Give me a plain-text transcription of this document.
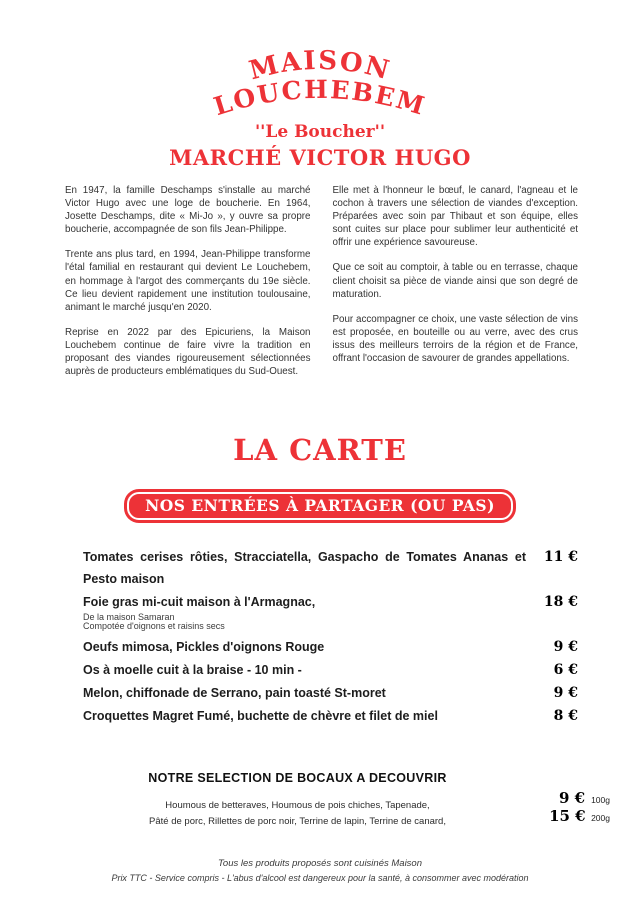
MAISON
LOUCHEBEM
''Le Boucher''
MARCHÉ VICTOR HUGO

En 1947, la famille Deschamps s'installe au marché Victor Hugo avec une loge de boucherie. En 1964, Josette Deschamps, dite « Mi-Jo », y ouvre sa propre boucherie, accompagnée de son fils Jean-Philippe.

Trente ans plus tard, en 1994, Jean-Philippe transforme l'étal familial en restaurant qui devient Le Louchebem, en hommage à l'argot des commerçants du 19e siècle. Ce lieu devient rapidement une institution toulousaine, animant le marché jusqu'en 2020.

Reprise en 2022 par des Epicuriens, la Maison Louchebem continue de faire vivre la tradition en proposant des viandes rigoureusement sélectionnées auprès de producteurs emblématiques du Sud-Ouest.

Elle met à l'honneur le bœuf, le canard, l'agneau et le cochon à travers une sélection de viandes d'exception. Préparées avec soin par Thibaut et son équipe, elles sont cuites sur place pour sublimer leur authenticité et offrir une expérience savoureuse.

Que ce soit au comptoir, à table ou en terrasse, chaque client choisit sa pièce de viande ainsi que son degré de maturation.

Pour accompagner ce choix, une vaste sélection de vins est proposée, en bouteille ou au verre, avec des crus issus des meilleurs terroirs de la région et de France, offrant l'occasion de savourer de grandes appellations.

LA CARTE
NOS ENTRÉES À PARTAGER (OU PAS)
Tomates cerises rôties, Stracciatella, Gaspacho de Tomates Ananas et Pesto maison
11 €
Foie gras mi-cuit maison à l'Armagnac,	18 €
De la maison Samaran
Compotée d'oignons et raisins secs
Oeufs mimosa, Pickles d'oignons Rouge	9 €
Os à moelle cuit à la braise - 10 min -	6 €
Melon, chiffonade de Serrano, pain toasté St-moret	9 €
Croquettes Magret Fumé, buchette de chèvre et filet de miel	8 €
NOTRE SELECTION DE BOCAUX A DECOUVRIR
Houmous de betteraves, Houmous de pois chiches, Tapenade,
Pâté de porc, Rillettes de porc noir, Terrine de lapin, Terrine de canard,
9 € 100g
15 € 200g
Tous les produits proposés sont cuisinés Maison
Prix TTC - Service compris - L'abus d'alcool est dangereux pour la santé, à consommer avec modération
